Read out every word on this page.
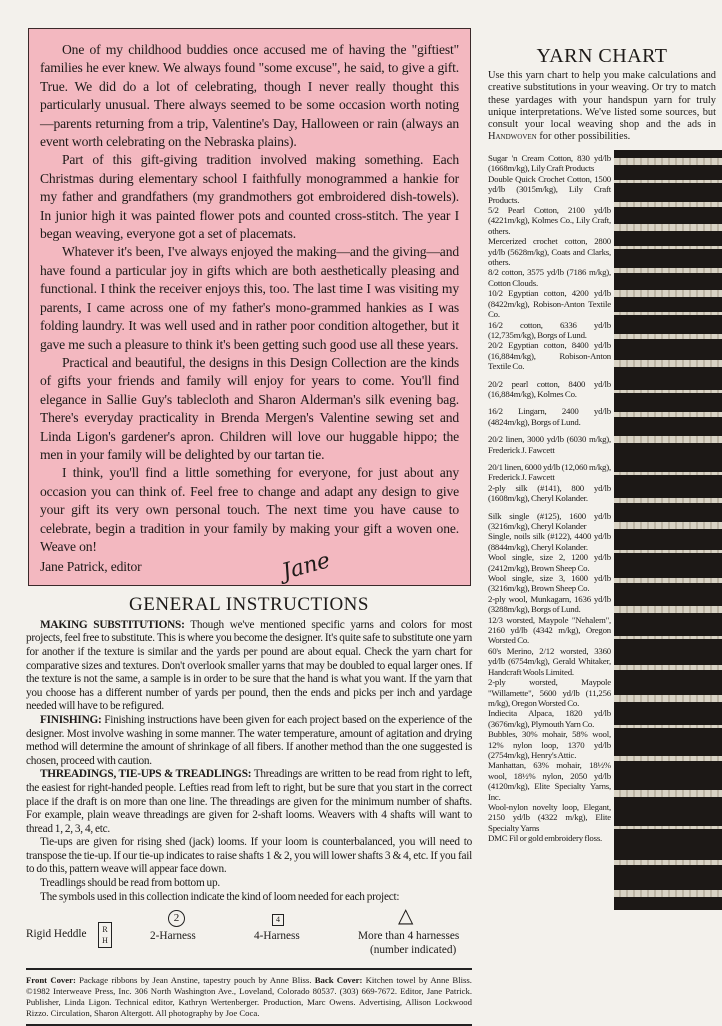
One of my childhood buddies once accused me of having the "giftiest" families he ever knew. We always found "some excuse", he said, to give a gift. True. We did do a lot of celebrating, though I never really thought this particularly unusual. There always seemed to be some occasion worth noting—parents returning from a trip, Valentine's Day, Halloween or rain (always an event worth celebrating on the Nebraska plains).

Part of this gift-giving tradition involved making something. Each Christmas during elementary school I faithfully monogrammed a hankie for my father and grandfathers (my grandmothers got embroidered dish-towels). In junior high it was painted flower pots and counted cross-stitch. The year I began weaving, everyone got a set of placemats.

Whatever it's been, I've always enjoyed the making—and the giving—and have found a particular joy in gifts which are both aesthetically pleasing and functional. I think the receiver enjoys this, too. The last time I was visiting my parents, I came across one of my father's mono-grammed hankies as I was folding laundry. It was well used and in rather poor condition altogether, but it gave me such a pleasure to think it's been getting such good use all these years.

Practical and beautiful, the designs in this Design Collection are the kinds of gifts your friends and family will enjoy for years to come. You'll find elegance in Sallie Guy's tablecloth and Sharon Alderman's silk evening bag. There's everyday practicality in Brenda Mergen's Valentine sewing set and Linda Ligon's gardener's apron. Children will love our huggable hippo; the men in your family will be delighted by our tartan tie.

I think, you'll find a little something for everyone, for just about any occasion you can think of. Feel free to change and adapt any design to give your gift its very own personal touch. The next time you have cause to celebrate, begin a tradition in your family by making your gift a woven one. Weave on!

Jane Patrick, editor	Jane
GENERAL INSTRUCTIONS

MAKING SUBSTITUTIONS: Though we've mentioned specific yarns and colors for most projects, feel free to substitute. This is where you become the designer. It's quite safe to substitute one yarn for another if the texture is similar and the yards per pound are about equal. Check the yarn chart for comparative sizes and textures. Don't overlook smaller yarns that may be doubled to equal larger ones. If the texture is not the same, a sample is in order to be sure that the hand is what you want. If the yarn that you choose has a different number of yards per pound, then the ends and picks per inch and yardage needed will have to be refigured.

FINISHING: Finishing instructions have been given for each project based on the experience of the designer. Most involve washing in some manner. The water temperature, amount of agitation and drying method will determine the amount of shrinkage of all fibers. If another method than the one suggested is chosen, proceed with caution.

THREADINGS, TIE-UPS & TREADLINGS: Threadings are written to be read from right to left, the easiest for right-handed people. Lefties read from left to right, but be sure that you start in the correct place if the draft is on more than one line. The threadings are given for the minimum number of shafts. For example, plain weave threadings are given for 2-shaft looms. Weavers with 4 shafts will want to thread 1, 2, 3, 4, etc.

Tie-ups are given for rising shed (jack) looms. If your loom is counterbalanced, you will need to transpose the tie-up. If our tie-up indicates to raise shafts 1 & 2, you will lower shafts 3 & 4, etc. If you fail to do this, pattern weave will appear face down.

Treadlings should be read from bottom up.

The symbols used in this collection indicate the kind of loom needed for each project:

Rigid Heddle	R
H
2
2-Harness
4
4-Harness
△
More than 4 harnesses
(number indicated)
Front Cover: Package ribbons by Jean Anstine, tapestry pouch by Anne Bliss. Back Cover: Kitchen towel by Anne Bliss. ©1982 Interweave Press, Inc. 306 North Washington Ave., Loveland, Colorado 80537. (303) 669-7672. Editor, Jane Patrick. Publisher, Linda Ligon. Technical editor, Kathryn Wertenberger. Production, Marc Owens. Advertising, Allison Lockwood Rizzo. Circulation, Sharon Altergott. All photography by Joe Coca.
YARN CHART
Use this yarn chart to help you make calculations and creative substitutions in your weaving. Or try to match these yardages with your handspun yarn for truly unique interpretations. We've listed some sources, but consult your local weaving shop and the ads in Handwoven for other possibilities.
Sugar 'n Cream Cotton, 830 yd/lb (1668m/kg), Lily Craft Products
Double Quick Crochet Cotton, 1500 yd/lb (3015m/kg), Lily Craft Products.
5/2 Pearl Cotton, 2100 yd/lb (4221m/kg), Kolmes Co., Lily Craft, others.
Mercerized crochet cotton, 2800 yd/lb (5628m/kg), Coats and Clarks, others.
8/2 cotton, 3575 yd/lb (7186 m/kg), Cotton Clouds.
10/2 Egyptian cotton, 4200 yd/lb (8422m/kg), Robison-Anton Textile Co.
16/2 cotton, 6336 yd/lb (12,735m/kg), Borgs of Lund.
20/2 Egyptian cotton, 8400 yd/lb (16,884m/kg), Robison-Anton Textile Co.
20/2 pearl cotton, 8400 yd/lb (16,884m/kg), Kolmes Co.
16/2 Lingarn, 2400 yd/lb (4824m/kg), Borgs of Lund.
20/2 linen, 3000 yd/lb (6030 m/kg), Frederick J. Fawcett
20/1 linen, 6000 yd/lb (12,060 m/kg), Frederick J. Fawcett
2-ply silk (#141), 800 yd/lb (1608m/kg), Cheryl Kolander.
Silk single (#125), 1600 yd/lb (3216m/kg), Cheryl Kolander
Single, noils silk (#122), 4400 yd/lb (8844m/kg), Cheryl Kolander.
Wool single, size 2, 1200 yd/lb (2412m/kg), Brown Sheep Co.
Wool single, size 3, 1600 yd/lb (3216m/kg), Brown Sheep Co.
2-ply wool, Munkagarn, 1636 yd/lb (3288m/kg), Borgs of Lund.
12/3 worsted, Maypole "Nehalem", 2160 yd/lb (4342 m/kg), Oregon Worsted Co.
60's Merino, 2/12 worsted, 3360 yd/lb (6754m/kg), Gerald Whitaker, Handcraft Wools Limited.
2-ply worsted, Maypole "Willamette", 5600 yd/lb (11,256 m/kg), Oregon Worsted Co.
Indiecita Alpaca, 1820 yd/lb (3676m/kg), Plymouth Yarn Co.
Bubbles, 30% mohair, 58% wool, 12% nylon loop, 1370 yd/lb (2754m/kg), Henry's Attic.
Manhattan, 63% mohair, 18½% wool, 18½% nylon, 2050 yd/lb (4120m/kg), Elite Specialty Yarns, Inc.
Wool-nylon novelty loop, Elegant, 2150 yd/lb (4322 m/kg), Elite Specialty Yarns
DMC Fil or gold embroidery floss.
